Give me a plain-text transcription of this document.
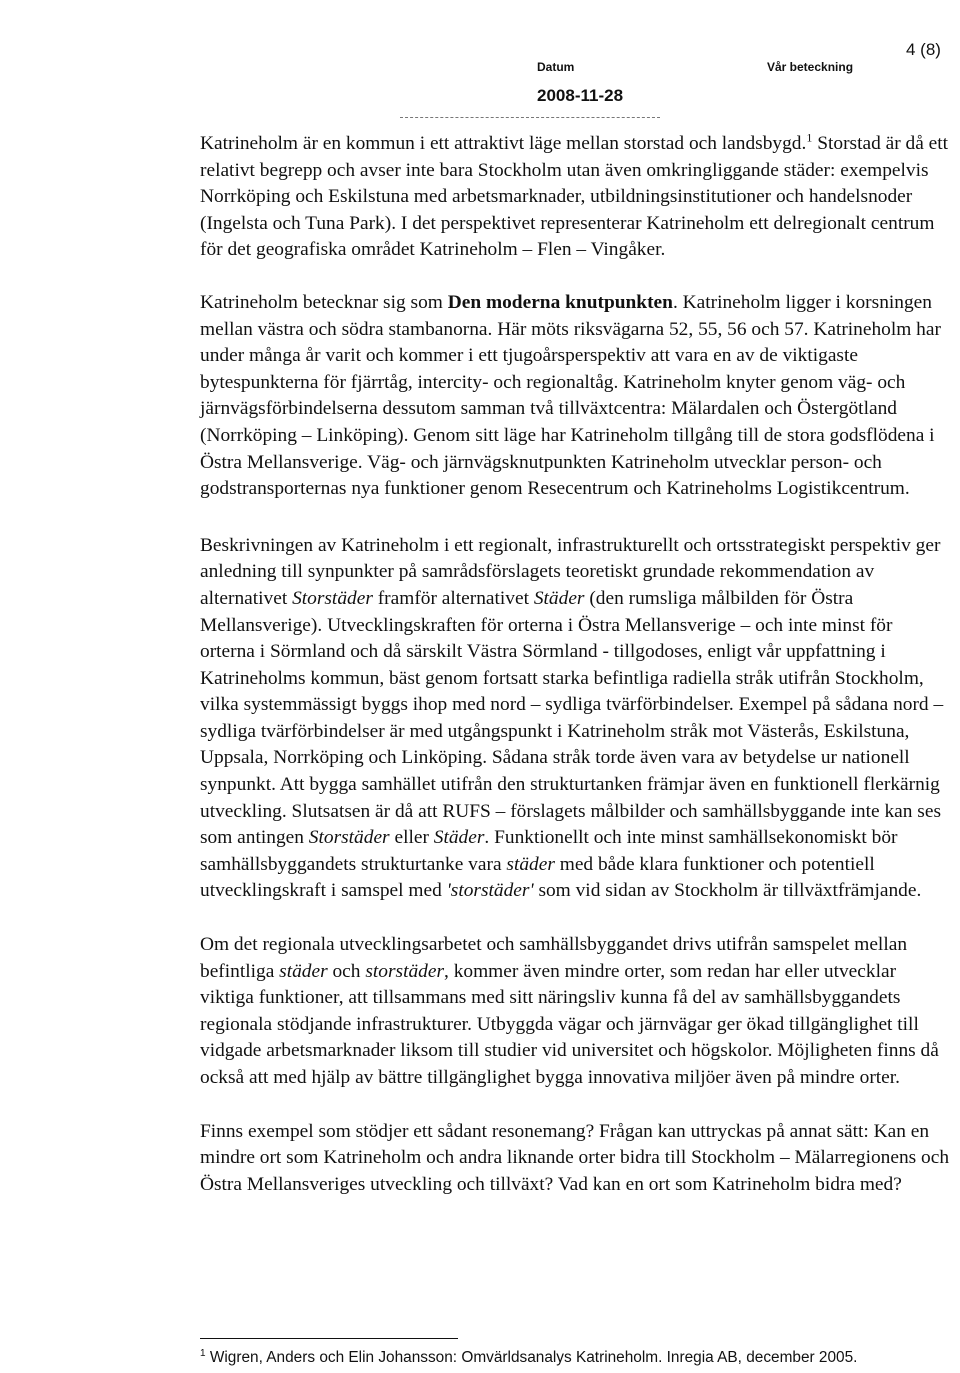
Datum	Vår beteckning
4 (8)
2008-11-28

Katrineholm är en kommun i ett attraktivt läge mellan storstad och landsbygd.$^1$ Storstad är då ett relativt begrepp och avser inte bara Stockholm utan även omkringliggande städer: exempelvis Norrköping och Eskilstuna med arbetsmarknader, utbildningsinstitutioner och handelsnoder (Ingelsta och Tuna Park). I det perspektivet representerar Katrineholm ett delregionalt centrum för det geografiska området Katrineholm – Flen – Vingåker.

Katrineholm betecknar sig som Den moderna knutpunkten. Katrineholm ligger i korsningen mellan västra och södra stambanorna. Här möts riksvägarna 52, 55, 56 och 57. Katrineholm har under många år varit och kommer i ett tjugoårsperspektiv att vara en av de viktigaste bytespunkterna för fjärrtåg, intercity- och regionaltåg. Katrineholm knyter genom väg- och järnvägsförbindelserna dessutom samman två tillväxtcentra: Mälardalen och Östergötland (Norrköping – Linköping). Genom sitt läge har Katrineholm tillgång till de stora godsflödena i Östra Mellansverige. Väg- och järnvägsknutpunkten Katrineholm utvecklar person- och godstransporternas nya funktioner genom Resecentrum och Katrineholms Logistikcentrum.

Beskrivningen av Katrineholm i ett regionalt, infrastrukturellt och ortsstrategiskt perspektiv ger anledning till synpunkter på samrådsförslagets teoretiskt grundade rekommendation av alternativet Storstäder framför alternativet Städer (den rumsliga målbilden för Östra Mellansverige). Utvecklingskraften för orterna i Östra Mellansverige – och inte minst för orterna i Sörmland och då särskilt Västra Sörmland - tillgodoses, enligt vår uppfattning i Katrineholms kommun, bäst genom fortsatt starka befintliga radiella stråk utifrån Stockholm, vilka systemmässigt byggs ihop med nord – sydliga tvärförbindelser. Exempel på sådana nord – sydliga tvärförbindelser är med utgångspunkt i Katrineholm stråk mot Västerås, Eskilstuna, Uppsala, Norrköping och Linköping. Sådana stråk torde även vara av betydelse ur nationell synpunkt. Att bygga samhället utifrån den strukturtanken främjar även en funktionell flerkärnig utveckling. Slutsatsen är då att RUFS – förslagets målbilder och samhällsbyggande inte kan ses som antingen Storstäder eller Städer. Funktionellt och inte minst samhällsekonomiskt bör samhällsbyggandets strukturtanke vara städer med både klara funktioner och potentiell utvecklingskraft i samspel med 'storstäder' som vid sidan av Stockholm är tillväxtfrämjande.

Om det regionala utvecklingsarbetet och samhällsbyggandet drivs utifrån samspelet mellan befintliga städer och storstäder, kommer även mindre orter, som redan har eller utvecklar viktiga funktioner, att tillsammans med sitt näringsliv kunna få del av samhällsbyggandets regionala stödjande infrastrukturer. Utbyggda vägar och järnvägar ger ökad tillgänglighet till vidgade arbetsmarknader liksom till studier vid universitet och högskolor. Möjligheten finns då också att med hjälp av bättre tillgänglighet bygga innovativa miljöer även på mindre orter.

Finns exempel som stödjer ett sådant resonemang? Frågan kan uttryckas på annat sätt: Kan en mindre ort som Katrineholm och andra liknande orter bidra till Stockholm – Mälarregionens och Östra Mellansveriges utveckling och tillväxt? Vad kan en ort som Katrineholm bidra med?

$^1$ Wigren, Anders och Elin Johansson: Omvärldsanalys Katrineholm. Inregia AB, december 2005.
